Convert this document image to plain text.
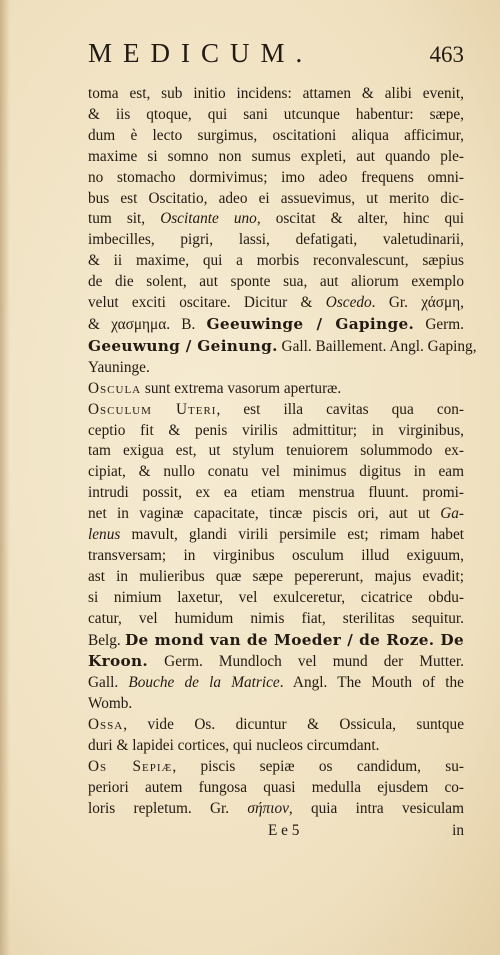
MEDICUM.	463
toma est, sub initio incidens: attamen & alibi evenit,
& iis qtoque, qui sani utcunque habentur: sæpe,
dum è lecto surgimus, oscitationi aliqua afficimur,
maxime si somno non sumus expleti, aut quando ple-
no stomacho dormivimus; imo adeo frequens omni-
bus est Oscitatio, adeo ei assuevimus, ut merito dic-
tum sit, Oscitante uno, oscitat & alter, hinc qui
imbecilles, pigri, lassi, defatigati, valetudinarii,
& ii maxime, qui a morbis reconvalescunt, sæpius
de die solent, aut sponte sua, aut aliorum exemplo
velut exciti oscitare. Dicitur & Oscedo. Gr. χάσμη,
& χασμημα. B. Geeuwinge / Gapinge. Germ.
Geeuwung / Geinung. Gall. Baillement. Angl. Gaping,
Yauninge.
Oscula sunt extrema vasorum aperturæ.
Osculum Uteri, est illa cavitas qua con-
ceptio fit & penis virilis admittitur; in virginibus,
tam exigua est, ut stylum tenuiorem solummodo ex-
cipiat, & nullo conatu vel minimus digitus in eam
intrudi possit, ex ea etiam menstrua fluunt. promi-
net in vaginæ capacitate, tincæ piscis ori, aut ut Ga-
lenus mavult, glandi virili persimile est; rimam habet
transversam; in virginibus osculum illud exiguum,
ast in mulieribus quæ sæpe pepererunt, majus evadit;
si nimium laxetur, vel exulceretur, cicatrice obdu-
catur, vel humidum nimis fiat, sterilitas sequitur.
Belg. De mond van de Moeder / de Roze. De
Kroon. Germ. Mundloch vel mund der Mutter.
Gall. Bouche de la Matrice. Angl. The Mouth of the
Womb.
Ossa, vide Os. dicuntur & Ossicula, suntque
duri & lapidei cortices, qui nucleos circumdant.
Os Sepiæ, piscis sepiæ os candidum, su-
periori autem fungosa quasi medulla ejusdem co-
loris repletum. Gr. σήπιον, quia intra vesiculam
E e 5	in
